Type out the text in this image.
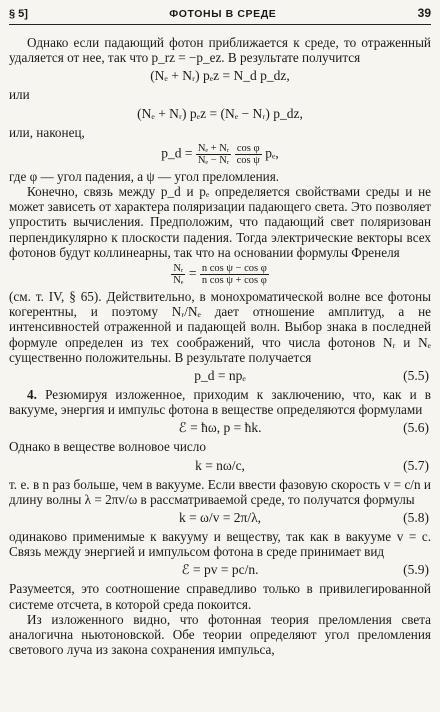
§ 5]	ФОТОНЫ В СРЕДЕ	39

Однако если падающий фотон приближается к среде, то отраженный удаляется от нее, так что p_rz = −p_ez. В результате получится

(Nₑ + Nᵣ) pₑz = N_d p_dz,

или

(Nₑ + Nᵣ) pₑz = (Nₑ − Nᵣ) p_dz,

или, наконец,

p_d = $\frac{\text{Nₑ + Nᵣ}}{\text{Nₑ − Nᵣ}}$
$\frac{\text{cos φ}}{\text{cos ψ}} p_e$,

где φ — угол падения, а ψ — угол преломления.

Конечно, связь между p_d и pₑ определяется свойствами среды и не может зависеть от характера поляризации падающего света. Это позволяет упростить вычисления. Предположим, что падающий свет поляризован перпендикулярно к плоскости падения. Тогда электрические векторы всех фотонов будут коллинеарны, так что на основании формулы Френеля

$\frac{\text{Nᵣ}}{\text{Nₑ}} = \frac{\text{n cos ψ − cos φ}}{\text{n cos ψ + cos φ}}$

(см. т. IV, § 65). Действительно, в монохроматической волне все фотоны когерентны, и поэтому Nᵣ/Nₑ дает отношение амплитуд, а не интенсивностей отраженной и падающей волн. Выбор знака в последней формуле определен из тех соображений, что числа фотонов Nᵣ и Nₑ существенно положительны. В результате получается

p_d = npₑ	(5.5)

4. Резюмируя изложенное, приходим к заключению, что, как и в вакууме, энергия и импульс фотона в веществе определяются формулами

ℰ = ħω, p = ħk.	(5.6)

Однако в веществе волновое число

k = nω/c,	(5.7)

т. е. в n раз больше, чем в вакууме. Если ввести фазовую скорость v = c/n и длину волны λ = 2πv/ω в рассматриваемой среде, то получатся формулы

k = ω/v = 2π/λ,	(5.8)

одинаково применимые к вакууму и веществу, так как в вакууме v = c. Связь между энергией и импульсом фотона в среде принимает вид

ℰ = pv = pc/n.	(5.9)

Разумеется, это соотношение справедливо только в привилегированной системе отсчета, в которой среда покоится.

Из изложенного видно, что фотонная теория преломления света аналогична ньютоновской. Обе теории определяют угол преломления светового луча из закона сохранения импульса,
